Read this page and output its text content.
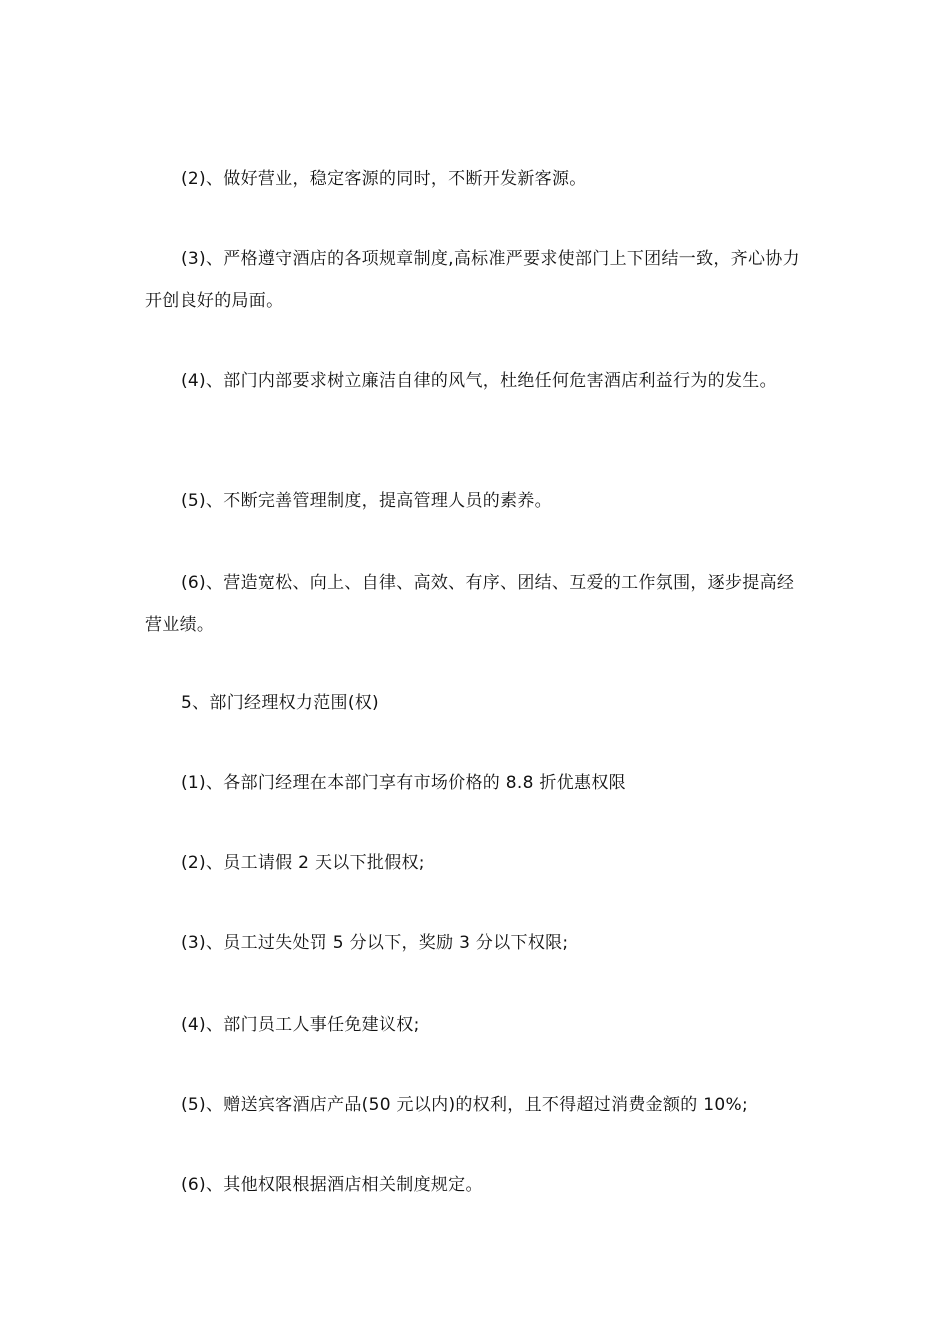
(2)、做好营业，稳定客源的同时，不断开发新客源。

(3)、严格遵守酒店的各项规章制度,高标准严要求使部门上下团结一致，齐心协力开创良好的局面。

(4)、部门内部要求树立廉洁自律的风气，杜绝任何危害酒店利益行为的发生。

(5)、不断完善管理制度，提高管理人员的素养。

(6)、营造宽松、向上、自律、高效、有序、团结、互爱的工作氛围，逐步提高经营业绩。

5、部门经理权力范围(权)

(1)、各部门经理在本部门享有市场价格的 8.8 折优惠权限

(2)、员工请假 2 天以下批假权;

(3)、员工过失处罚 5 分以下，奖励 3 分以下权限;

(4)、部门员工人事任免建议权;

(5)、赠送宾客酒店产品(50 元以内)的权利，且不得超过消费金额的 10%;

(6)、其他权限根据酒店相关制度规定。
